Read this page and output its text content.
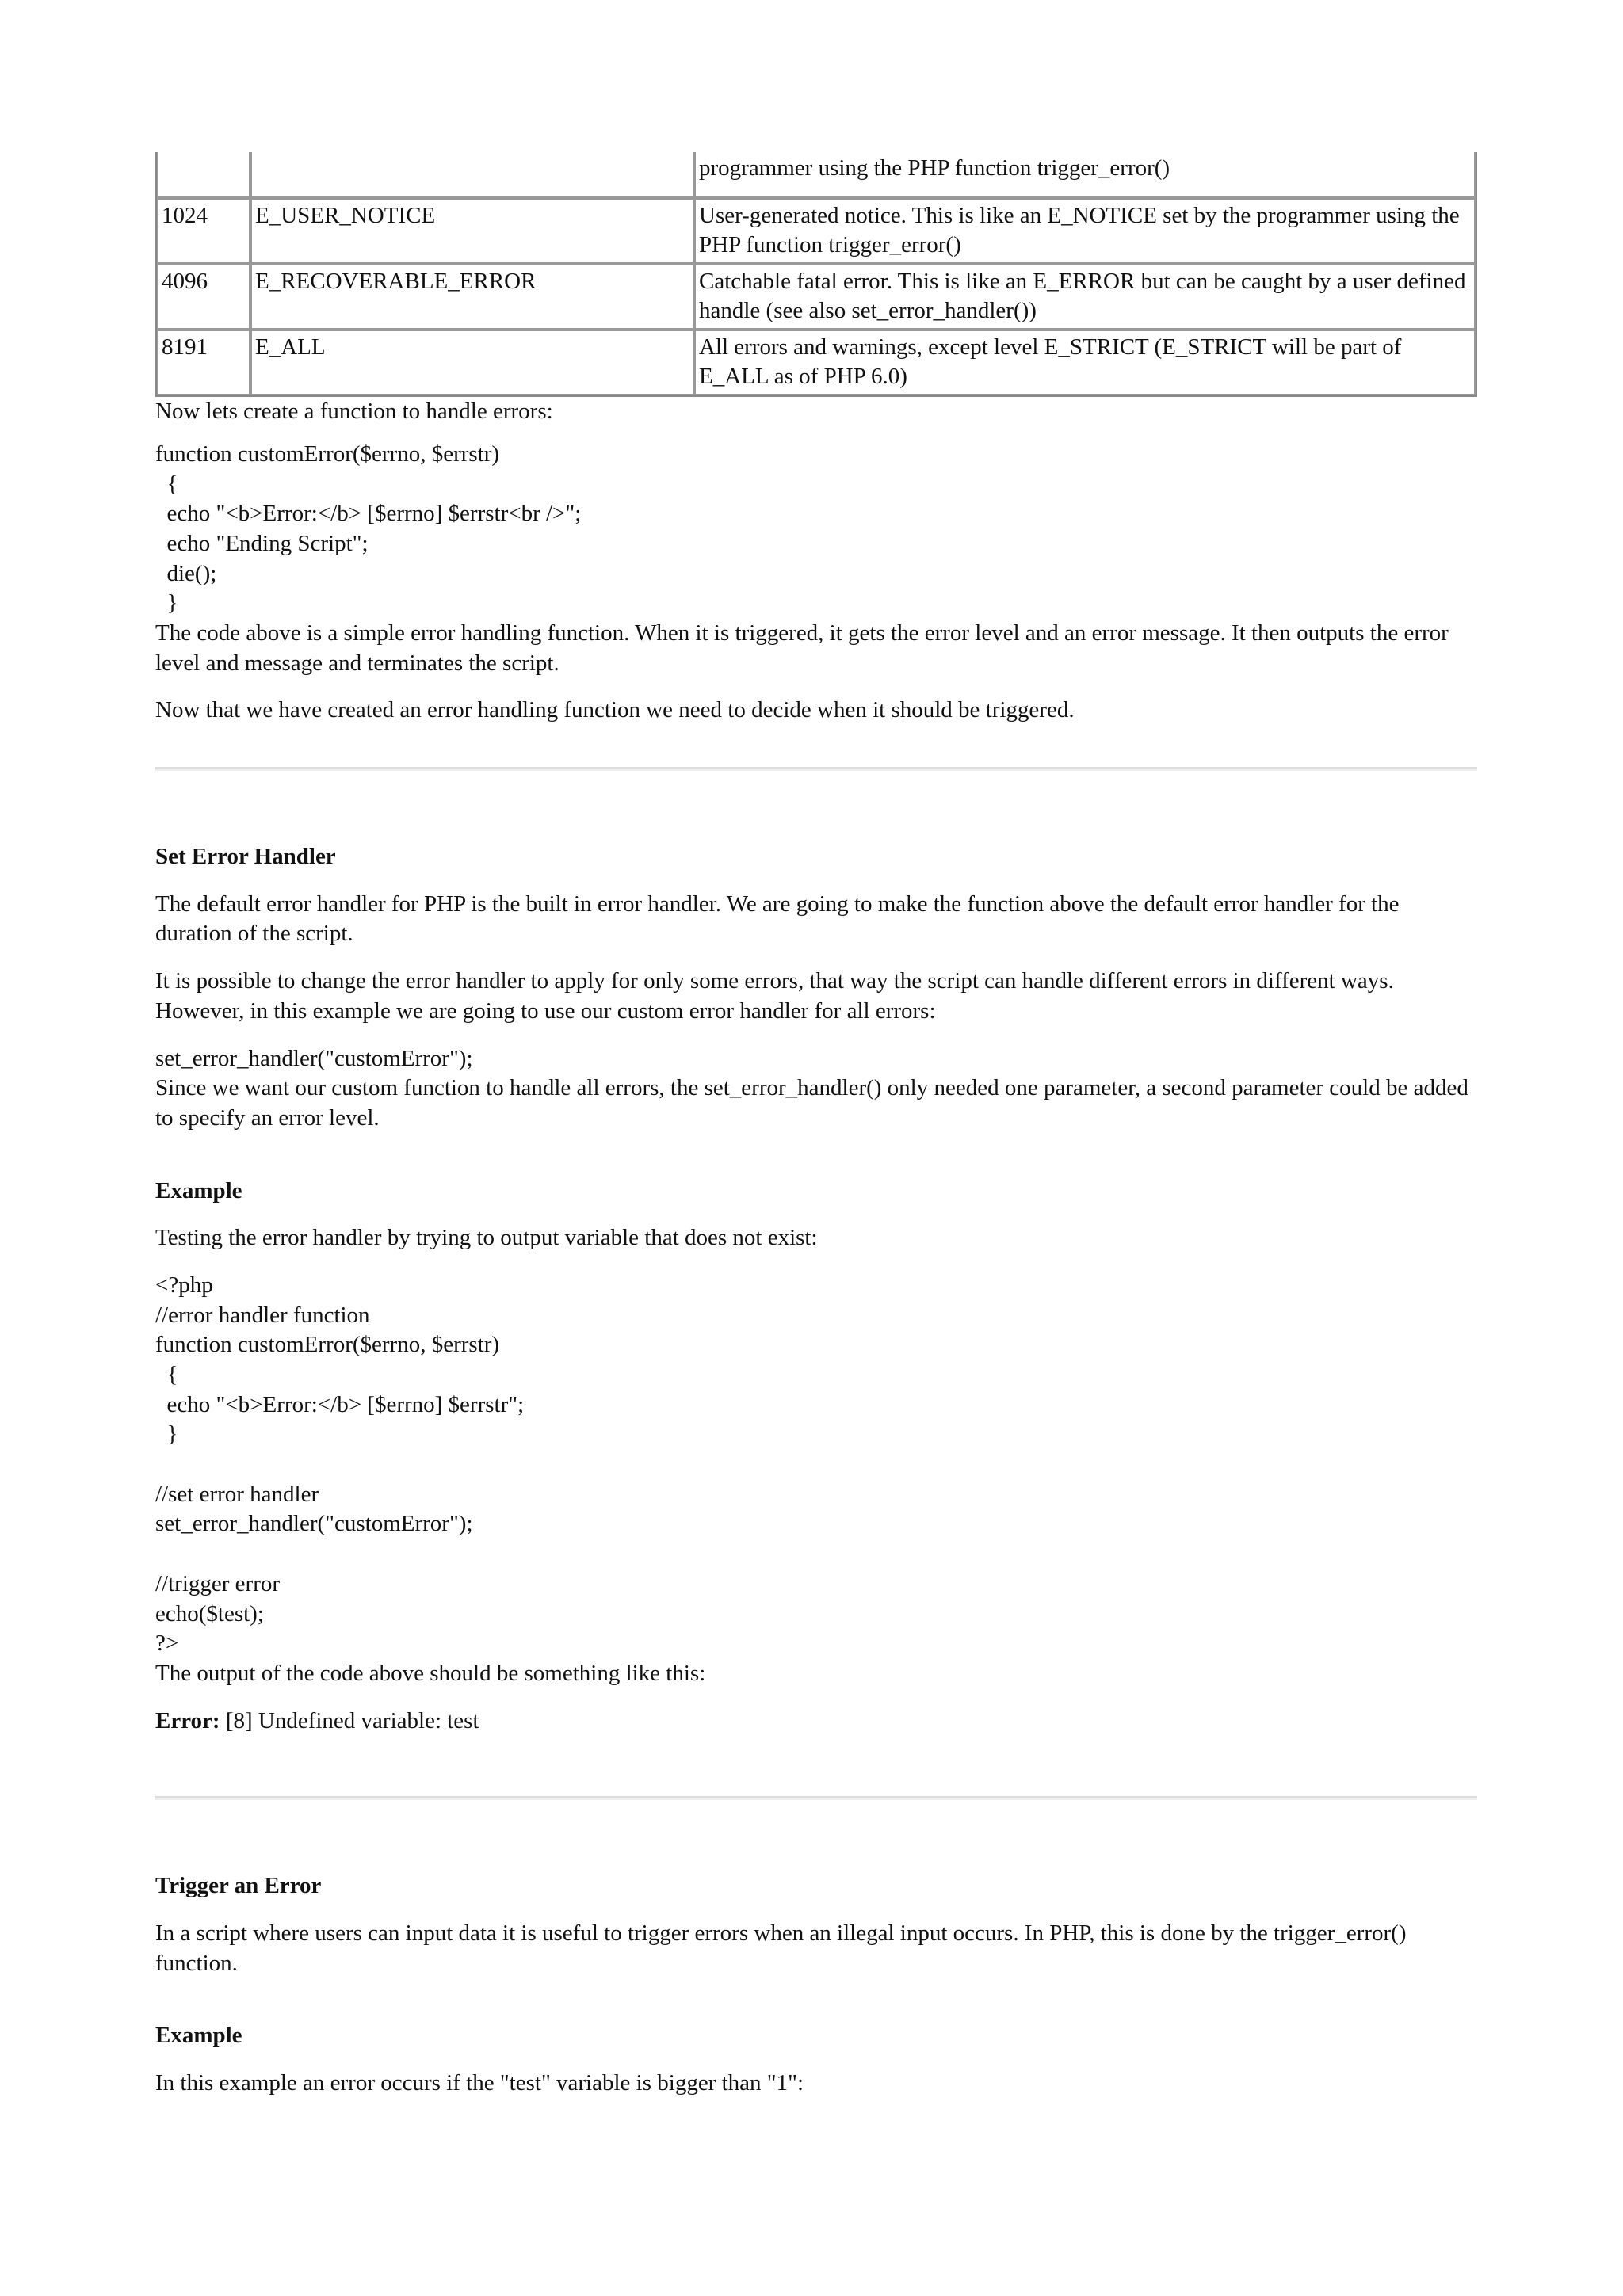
		programmer using the PHP function trigger_error()
1024	E_USER_NOTICE	User-generated notice. This is like an E_NOTICE set by the programmer using the PHP function trigger_error()
4096	E_RECOVERABLE_ERROR	Catchable fatal error. This is like an E_ERROR but can be caught by a user defined handle (see also set_error_handler())
8191	E_ALL	All errors and warnings, except level E_STRICT (E_STRICT will be part of E_ALL as of PHP 6.0)

Now lets create a function to handle errors:

function customError($errno, $errstr)
{
echo "<b>Error:</b> [$errno] $errstr<br />";
echo "Ending Script";
die();
}

The code above is a simple error handling function. When it is triggered, it gets the error level and an error message. It then outputs the error level and message and terminates the script.

Now that we have created an error handling function we need to decide when it should be triggered.

Set Error Handler

The default error handler for PHP is the built in error handler. We are going to make the function above the default error handler for the duration of the script.

It is possible to change the error handler to apply for only some errors, that way the script can handle different errors in different ways. However, in this example we are going to use our custom error handler for all errors:

set_error_handler("customError");

Since we want our custom function to handle all errors, the set_error_handler() only needed one parameter, a second parameter could be added to specify an error level.

Example

Testing the error handler by trying to output variable that does not exist:

<?php
//error handler function
function customError($errno, $errstr)
{
echo "<b>Error:</b> [$errno] $errstr";
}

//set error handler
set_error_handler("customError");

//trigger error
echo($test);
?>

The output of the code above should be something like this:

Error: [8] Undefined variable: test

Trigger an Error

In a script where users can input data it is useful to trigger errors when an illegal input occurs. In PHP, this is done by the trigger_error() function.

Example

In this example an error occurs if the "test" variable is bigger than "1":
